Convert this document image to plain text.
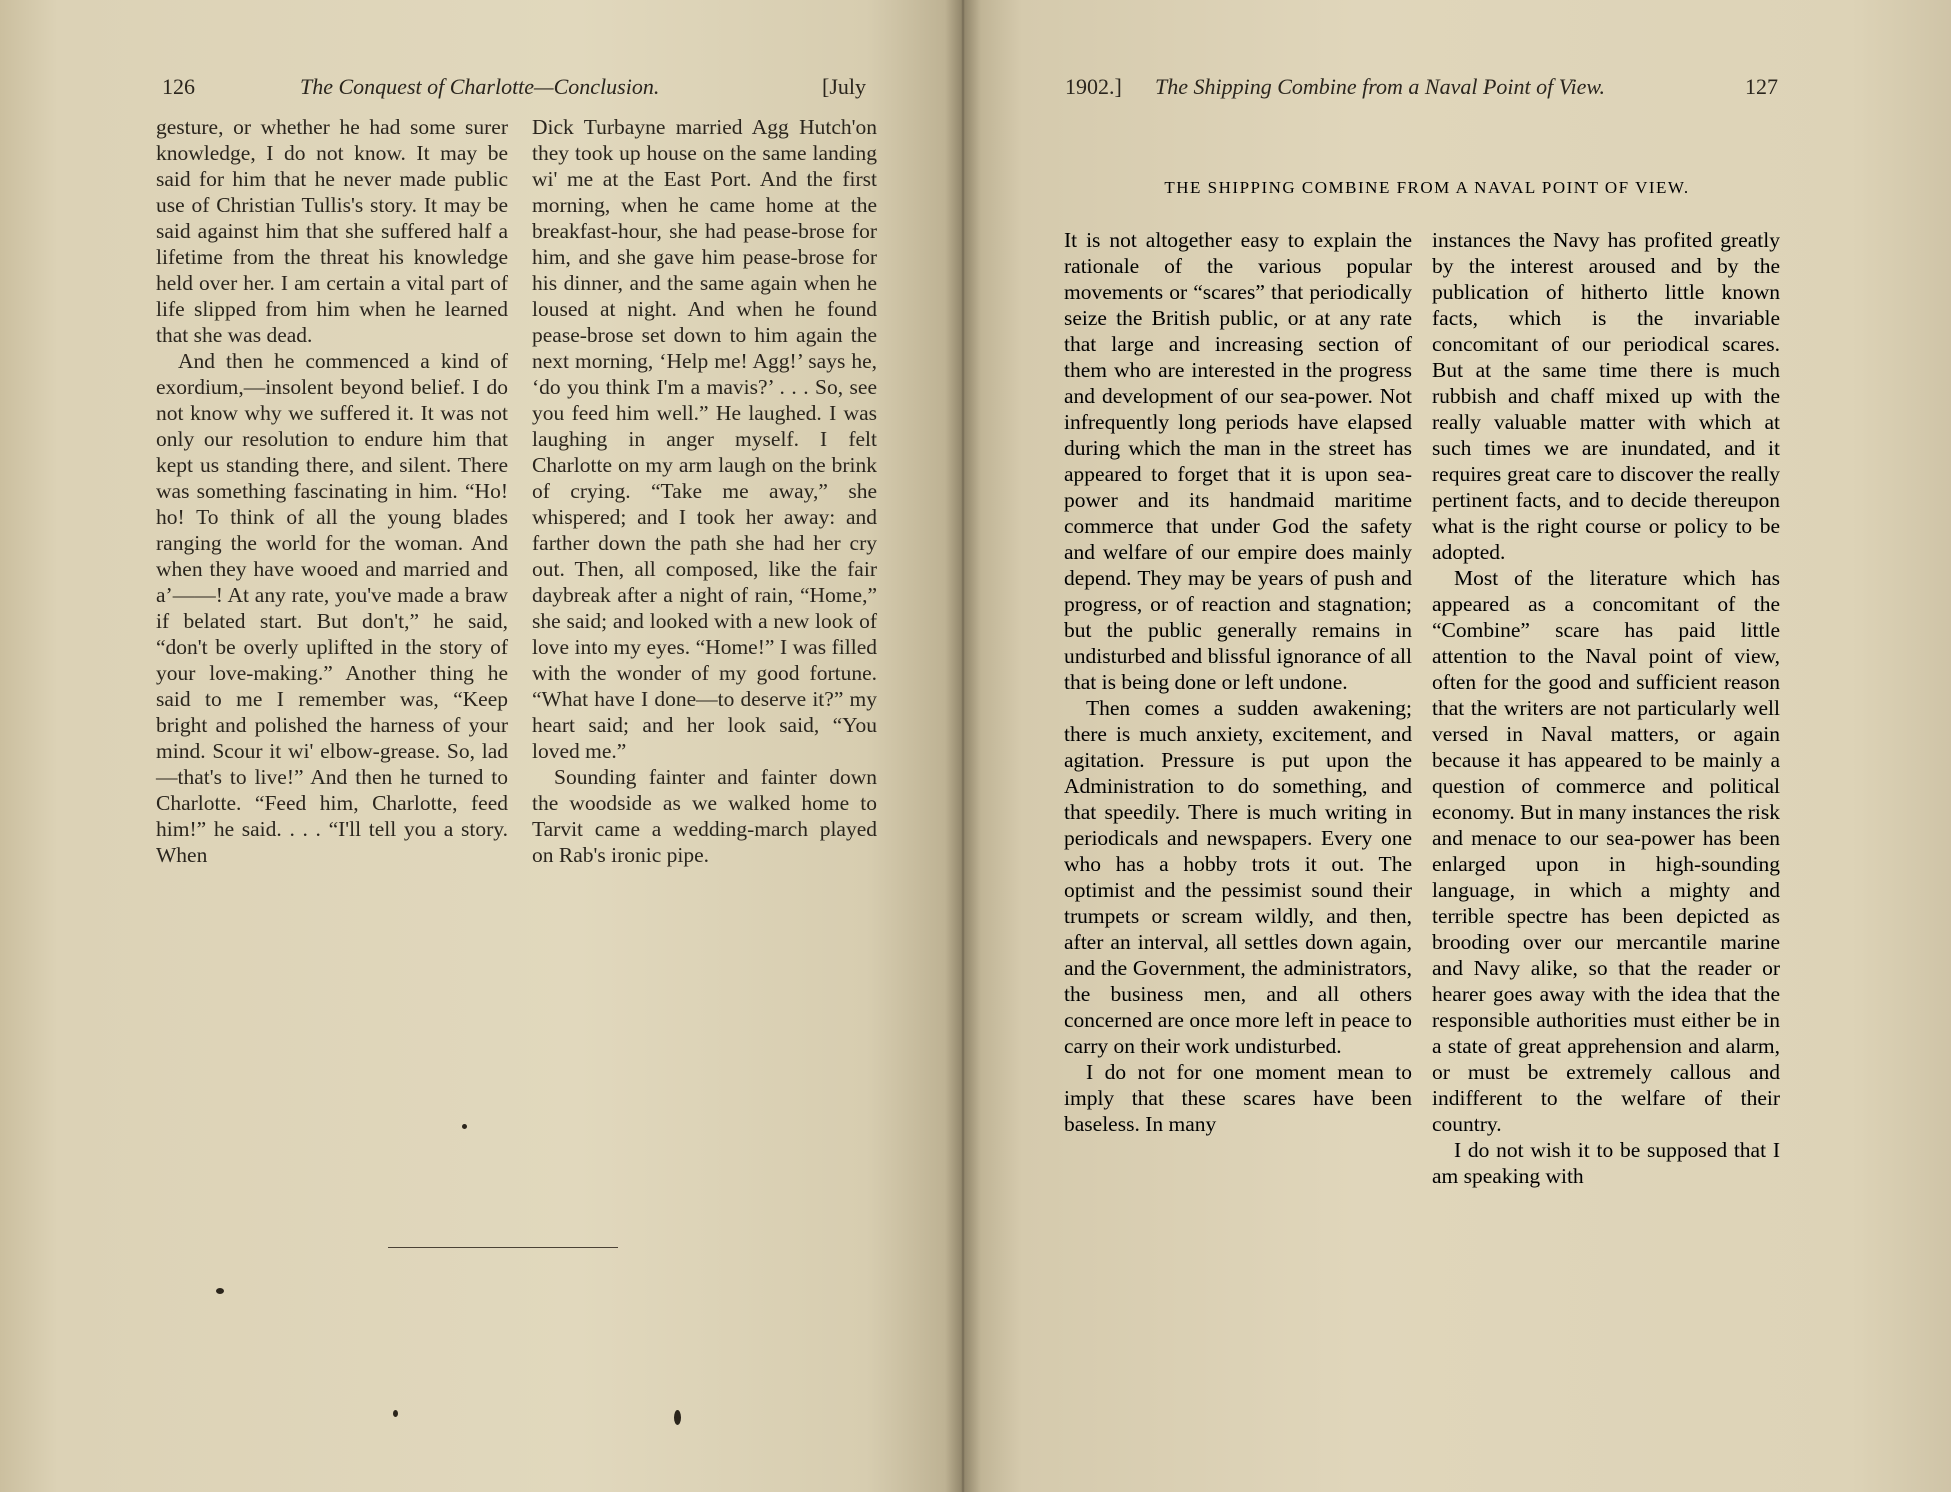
126	The Conquest of Charlotte—Conclusion.	[July

gesture, or whether he had some surer knowledge, I do not know. It may be said for him that he never made public use of Christian Tullis's story. It may be said against him that she suffered half a lifetime from the threat his knowledge held over her. I am certain a vital part of life slipped from him when he learned that she was dead.

And then he commenced a kind of exordium,—insolent beyond belief. I do not know why we suffered it. It was not only our resolution to endure him that kept us standing there, and silent. There was something fascinating in him. “Ho! ho! To think of all the young blades ranging the world for the woman. And when they have wooed and married and a’——! At any rate, you've made a braw if belated start. But don't,” he said, “don't be overly uplifted in the story of your love-making.” Another thing he said to me I remember was, “Keep bright and polished the harness of your mind. Scour it wi' elbow-grease. So, lad—that's to live!” And then he turned to Charlotte. “Feed him, Charlotte, feed him!” he said. . . . “I'll tell you a story. When

Dick Turbayne married Agg Hutch'on they took up house on the same landing wi' me at the East Port. And the first morning, when he came home at the breakfast-hour, she had pease-brose for him, and she gave him pease-brose for his dinner, and the same again when he loused at night. And when he found pease-brose set down to him again the next morning, ‘Help me! Agg!’ says he, ‘do you think I'm a mavis?’ . . . So, see you feed him well.” He laughed. I was laughing in anger myself. I felt Charlotte on my arm laugh on the brink of crying. “Take me away,” she whispered; and I took her away: and farther down the path she had her cry out. Then, all composed, like the fair daybreak after a night of rain, “Home,” she said; and looked with a new look of love into my eyes. “Home!” I was filled with the wonder of my good fortune. “What have I done—to deserve it?” my heart said; and her look said, “You loved me.”

Sounding fainter and fainter down the woodside as we walked home to Tarvit came a wedding-march played on Rab's ironic pipe.

1902.] The Shipping Combine from a Naval Point of View.	127
THE SHIPPING COMBINE FROM A NAVAL POINT OF VIEW.

It is not altogether easy to explain the rationale of the various popular movements or “scares” that periodically seize the British public, or at any rate that large and increasing section of them who are interested in the progress and development of our sea-power. Not infrequently long periods have elapsed during which the man in the street has appeared to forget that it is upon sea-power and its handmaid maritime commerce that under God the safety and welfare of our empire does mainly depend. They may be years of push and progress, or of reaction and stagnation; but the public generally remains in undisturbed and blissful ignorance of all that is being done or left undone.

Then comes a sudden awakening; there is much anxiety, excitement, and agitation. Pressure is put upon the Administration to do something, and that speedily. There is much writing in periodicals and newspapers. Every one who has a hobby trots it out. The optimist and the pessimist sound their trumpets or scream wildly, and then, after an interval, all settles down again, and the Government, the administrators, the business men, and all others concerned are once more left in peace to carry on their work undisturbed.

I do not for one moment mean to imply that these scares have been baseless. In many

instances the Navy has profited greatly by the interest aroused and by the publication of hitherto little known facts, which is the invariable concomitant of our periodical scares. But at the same time there is much rubbish and chaff mixed up with the really valuable matter with which at such times we are inundated, and it requires great care to discover the really pertinent facts, and to decide thereupon what is the right course or policy to be adopted.

Most of the literature which has appeared as a concomitant of the “Combine” scare has paid little attention to the Naval point of view, often for the good and sufficient reason that the writers are not particularly well versed in Naval matters, or again because it has appeared to be mainly a question of commerce and political economy. But in many instances the risk and menace to our sea-power has been enlarged upon in high-sounding language, in which a mighty and terrible spectre has been depicted as brooding over our mercantile marine and Navy alike, so that the reader or hearer goes away with the idea that the responsible authorities must either be in a state of great apprehension and alarm, or must be extremely callous and indifferent to the welfare of their country.

I do not wish it to be supposed that I am speaking with
